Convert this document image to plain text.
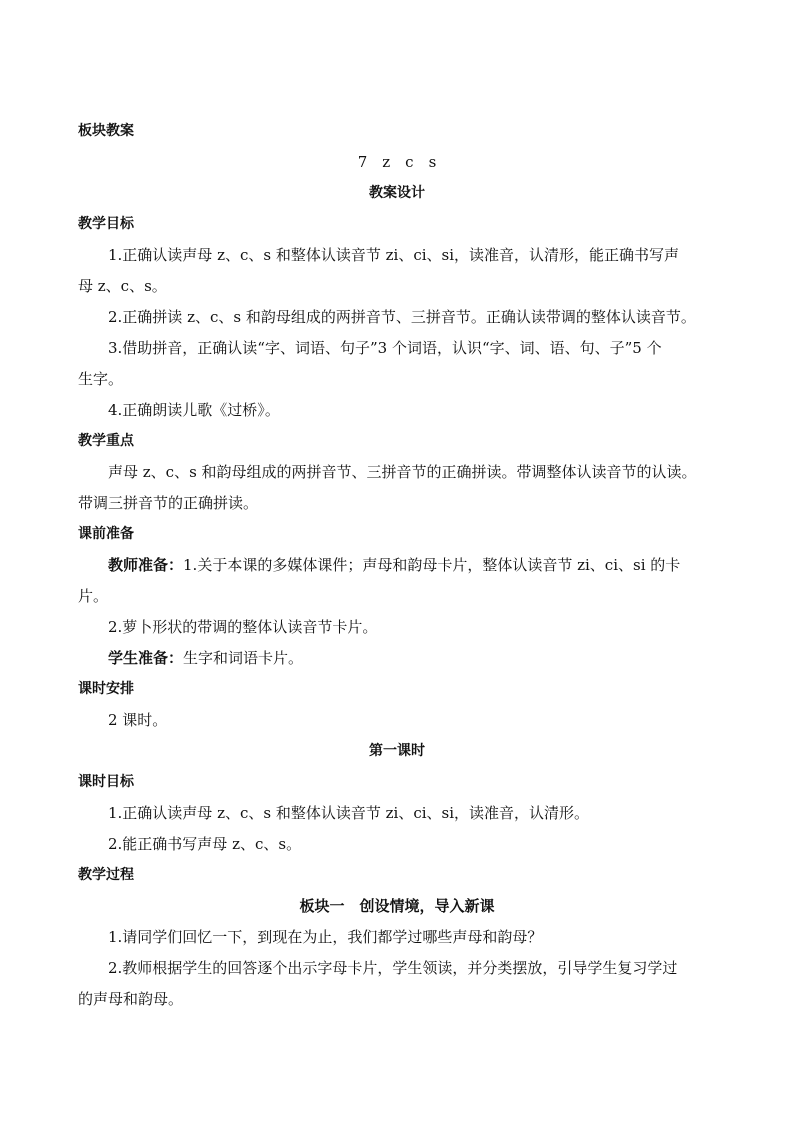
板块教案
7　z　c　s
教案设计
教学目标
1.正确认读声母 z、c、s 和整体认读音节 zi、ci、si，读准音，认清形，能正确书写声
母 z、c、s。
2.正确拼读 z、c、s 和韵母组成的两拼音节、三拼音节。正确认读带调的整体认读音节。
3.借助拼音，正确认读“字、词语、句子”3 个词语，认识“字、词、语、句、子”5 个
生字。
4.正确朗读儿歌《过桥》。
教学重点
声母 z、c、s 和韵母组成的两拼音节、三拼音节的正确拼读。带调整体认读音节的认读。
带调三拼音节的正确拼读。
课前准备
教师准备：1.关于本课的多媒体课件；声母和韵母卡片，整体认读音节 zi、ci、si 的卡
片。
2.萝卜形状的带调的整体认读音节卡片。
学生准备：生字和词语卡片。
课时安排
2 课时。
第一课时
课时目标
1.正确认读声母 z、c、s 和整体认读音节 zi、ci、si，读准音，认清形。
2.能正确书写声母 z、c、s。
教学过程
板块一　创设情境，导入新课
1.请同学们回忆一下，到现在为止，我们都学过哪些声母和韵母？
2.教师根据学生的回答逐个出示字母卡片，学生领读，并分类摆放，引导学生复习学过
的声母和韵母。
